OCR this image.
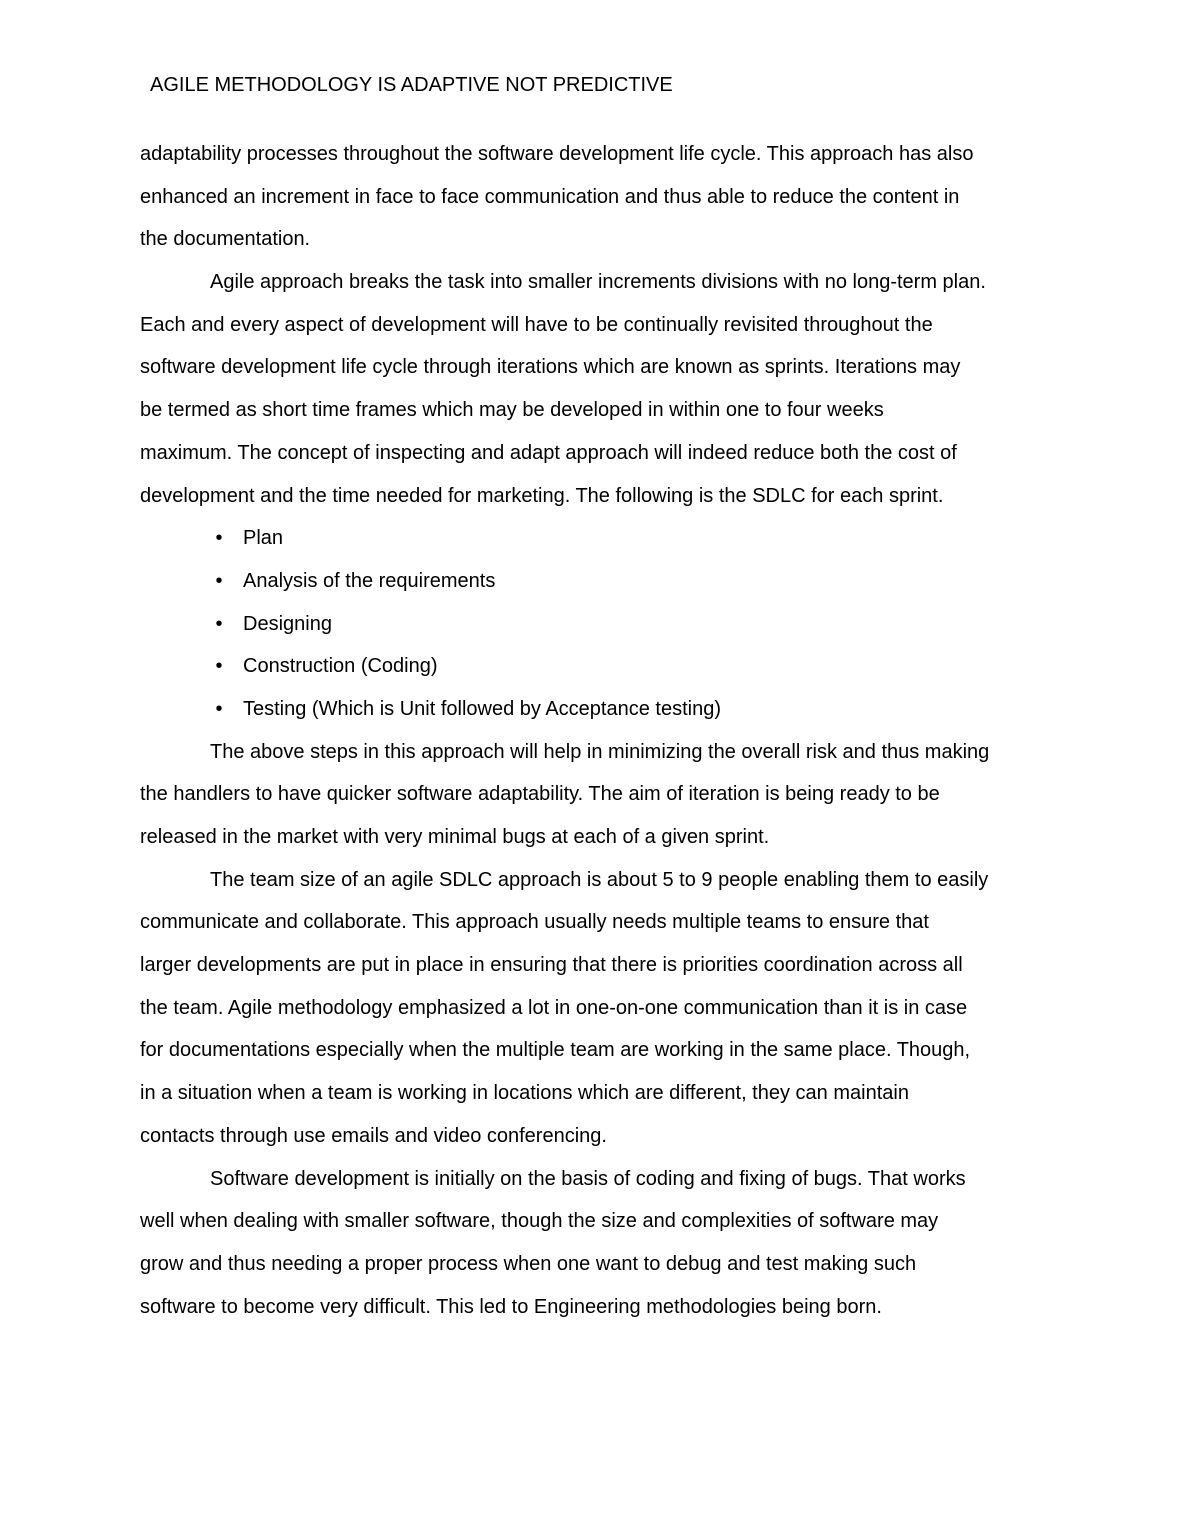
AGILE METHODOLOGY IS ADAPTIVE NOT PREDICTIVE
adaptability processes throughout the software development life cycle. This approach has also
enhanced an increment in face to face communication and thus able to reduce the content in
the documentation.
Agile approach breaks the task into smaller increments divisions with no long-term plan.
Each and every aspect of development will have to be continually revisited throughout the
software development life cycle through iterations which are known as sprints. Iterations may
be termed as short time frames which may be developed in within one to four weeks
maximum. The concept of inspecting and adapt approach will indeed reduce both the cost of
development and the time needed for marketing. The following is the SDLC for each sprint.
• Plan
• Analysis of the requirements
• Designing
• Construction (Coding)
• Testing (Which is Unit followed by Acceptance testing)
The above steps in this approach will help in minimizing the overall risk and thus making
the handlers to have quicker software adaptability. The aim of iteration is being ready to be
released in the market with very minimal bugs at each of a given sprint.
The team size of an agile SDLC approach is about 5 to 9 people enabling them to easily
communicate and collaborate. This approach usually needs multiple teams to ensure that
larger developments are put in place in ensuring that there is priorities coordination across all
the team. Agile methodology emphasized a lot in one-on-one communication than it is in case
for documentations especially when the multiple team are working in the same place. Though,
in a situation when a team is working in locations which are different, they can maintain
contacts through use emails and video conferencing.
Software development is initially on the basis of coding and fixing of bugs. That works
well when dealing with smaller software, though the size and complexities of software may
grow and thus needing a proper process when one want to debug and test making such
software to become very difficult. This led to Engineering methodologies being born.
